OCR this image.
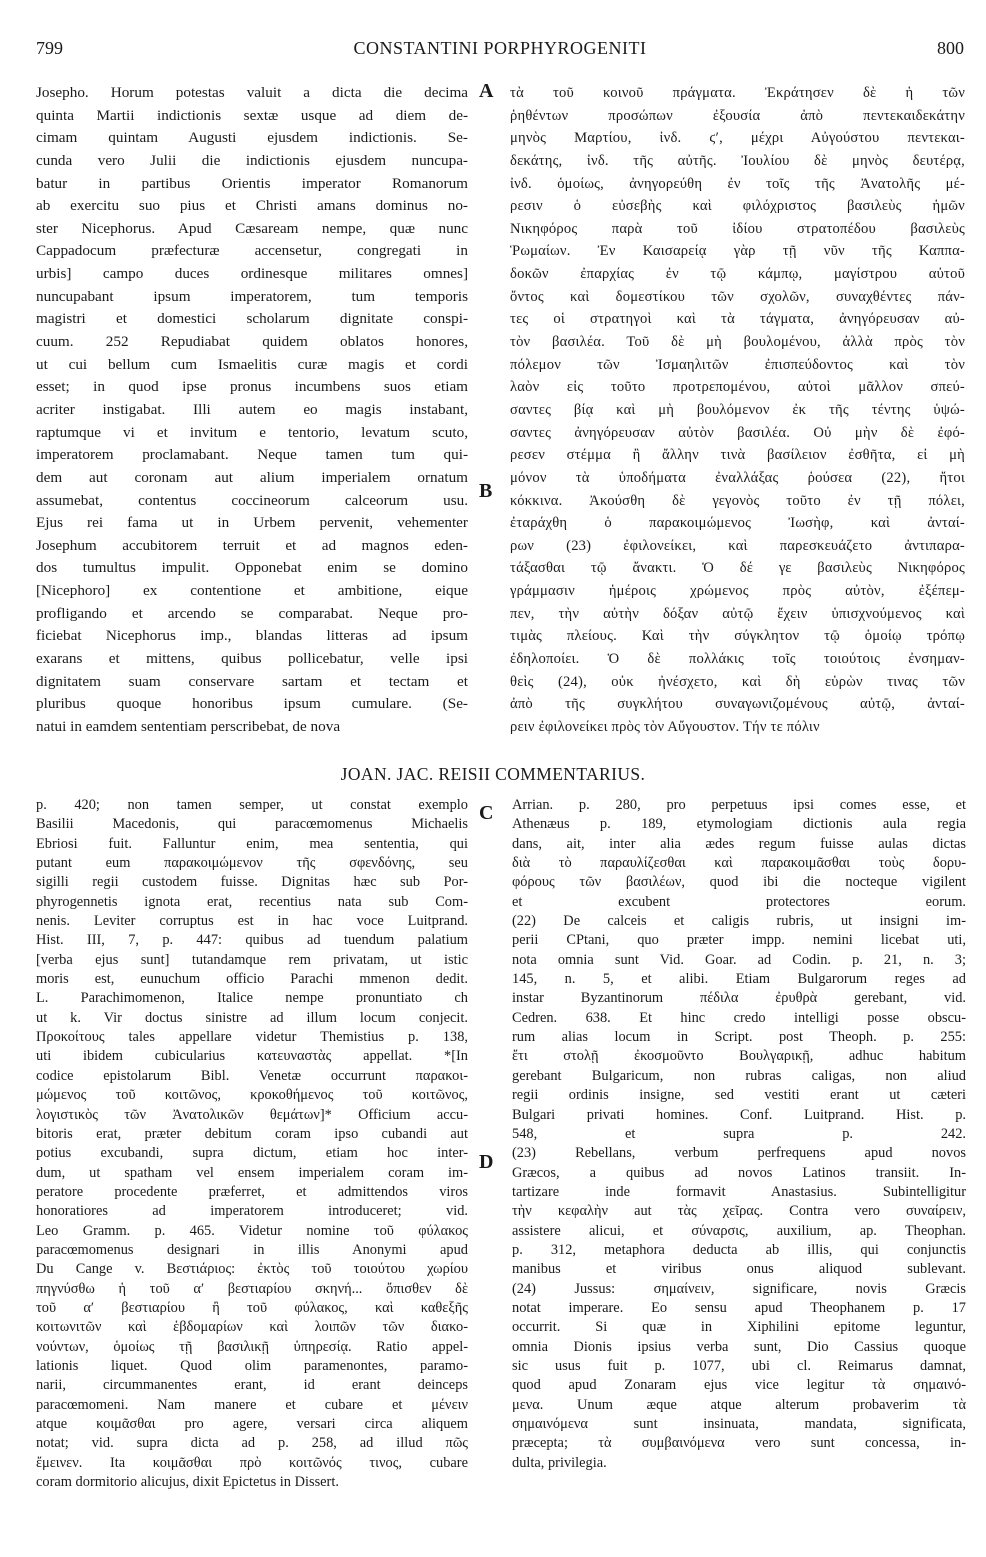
799	CONSTANTINI PORPHYROGENITI	800
A
B
C
D
Josepho. Horum potestas valuit a dicta die decima
quinta Martii indictionis sextæ usque ad diem de-
cimam quintam Augusti ejusdem indictionis. Se-
cunda vero Julii die indictionis ejusdem nuncupa-
batur in partibus Orientis imperator Romanorum
ab exercitu suo pius et Christi amans dominus no-
ster Nicephorus. Apud Cæsaream nempe, quæ nunc
Cappadocum præfecturæ accensetur, congregati in
urbis] campo duces ordinesque militares omnes]
nuncupabant ipsum imperatorem, tum temporis
magistri et domestici scholarum dignitate conspi-
cuum. 252 Repudiabat quidem oblatos honores,
ut cui bellum cum Ismaelitis curæ magis et cordi
esset; in quod ipse pronus incumbens suos etiam
acriter instigabat. Illi autem eo magis instabant,
raptumque vi et invitum e tentorio, levatum scuto,
imperatorem proclamabant. Neque tamen tum qui-
dem aut coronam aut alium imperialem ornatum
assumebat, contentus coccineorum calceorum usu.
Ejus rei fama ut in Urbem pervenit, vehementer
Josephum accubitorem terruit et ad magnos eden-
dos tumultus impulit. Opponebat enim se domino
[Nicephoro] ex contentione et ambitione, eique
profligando et arcendo se comparabat. Neque pro-
ficiebat Nicephorus imp., blandas litteras ad ipsum
exarans et mittens, quibus pollicebatur, velle ipsi
dignitatem suam conservare sartam et tectam et
pluribus quoque honoribus ipsum cumulare. (Se-
natui in eamdem sententiam perscribebat, de nova
τὰ τοῦ κοινοῦ πράγματα. Ἐκράτησεν δὲ ἡ τῶν
ῥηθέντων προσώπων ἐξουσία ἀπὸ πεντεκαιδεκάτην
μηνὸς Μαρτίου, ἰνδ. ϛʹ, μέχρι Αὐγούστου πεντεκαι-
δεκάτης, ἰνδ. τῆς αὐτῆς. Ἰουλίου δὲ μηνὸς δευτέρᾳ,
ἰνδ. ὁμοίως, ἀνηγορεύθη ἐν τοῖς τῆς Ἀνατολῆς μέ-
ρεσιν ὁ εὐσεβὴς καὶ φιλόχριστος βασιλεὺς ἡμῶν
Νικηφόρος παρὰ τοῦ ἰδίου στρατοπέδου βασιλεὺς
Ῥωμαίων. Ἐν Καισαρείᾳ γὰρ τῇ νῦν τῆς Καππα-
δοκῶν ἐπαρχίας ἐν τῷ κάμπῳ, μαγίστρου αὐτοῦ
ὄντος καὶ δομεστίκου τῶν σχολῶν, συναχθέντες πάν-
τες οἱ στρατηγοὶ καὶ τὰ τάγματα, ἀνηγόρευσαν αὐ-
τὸν βασιλέα. Τοῦ δὲ μὴ βουλομένου, ἀλλὰ πρὸς τὸν
πόλεμον τῶν Ἰσμαηλιτῶν ἐπισπεύδοντος καὶ τὸν
λαὸν εἰς τοῦτο προτρεπομένου, αὐτοὶ μᾶλλον σπεύ-
σαντες βίᾳ καὶ μὴ βουλόμενον ἐκ τῆς τέντης ὑψώ-
σαντες ἀνηγόρευσαν αὐτὸν βασιλέα. Οὐ μὴν δὲ ἐφό-
ρεσεν στέμμα ἢ ἄλλην τινὰ βασίλειον ἐσθῆτα, εἰ μὴ
μόνον τὰ ὑποδήματα ἐναλλάξας ῥούσεα (22), ἤτοι
κόκκινα. Ἀκούσθη δὲ γεγονὸς τοῦτο ἐν τῇ πόλει,
ἐταράχθη ὁ παρακοιμώμενος Ἰωσὴφ, καὶ ἀνταί-
ρων (23) ἐφιλονείκει, καὶ παρεσκευάζετο ἀντιπαρα-
τάξασθαι τῷ ἄνακτι. Ὁ δέ γε βασιλεὺς Νικηφόρος
γράμμασιν ἡμέροις χρώμενος πρὸς αὐτὸν, ἐξέπεμ-
πεν, τὴν αὐτὴν δόξαν αὐτῷ ἔχειν ὑπισχνούμενος καὶ
τιμὰς πλείους. Καὶ τὴν σύγκλητον τῷ ὁμοίῳ τρόπῳ
ἐδηλοποίει. Ὁ δὲ πολλάκις τοῖς τοιούτοις ἐνσημαν-
θεὶς (24), οὐκ ἠνέσχετο, καὶ δὴ εὑρὼν τινας τῶν
ἀπὸ τῆς συγκλήτου συναγωνιζομένους αὐτῷ, ἀνταί-
ρειν ἐφιλονείκει πρὸς τὸν Αὔγουστον. Τήν τε πόλιν
JOAN. JAC. REISII COMMENTARIUS.
p. 420; non tamen semper, ut constat exemplo
Basilii Macedonis, qui paracœmomenus Michaelis
Ebriosi fuit. Falluntur enim, mea sententia, qui
putant eum παρακοιμώμενον τῆς σφενδόνης, seu
sigilli regii custodem fuisse. Dignitas hæc sub Por-
phyrogennetis ignota erat, recentius nata sub Com-
nenis. Leviter corruptus est in hac voce Luitprand.
Hist. III, 7, p. 447: quibus ad tuendum palatium
[verba ejus sunt] tutandamque rem privatam, ut istic
moris est, eunuchum officio Parachi mmenon dedit.
L. Parachimomenon, Italice nempe pronuntiato ch
ut k. Vir doctus sinistre ad illum locum conjecit.
Προκοίτους tales appellare videtur Themistius p. 138,
uti ibidem cubicularius κατευναστὰς appellat. *[In
codice epistolarum Bibl. Venetæ occurrunt παρακοι-
μώμενος τοῦ κοιτῶνος, κροκοθήμενος τοῦ κοιτῶνος,
λογιστικὸς τῶν Ἀνατολικῶν θεμάτων]* Officium accu-
bitoris erat, præter debitum coram ipso cubandi aut
potius excubandi, supra dictum, etiam hoc inter-
dum, ut spatham vel ensem imperialem coram im-
peratore procedente præferret, et admittendos viros
honoratiores ad imperatorem introduceret; vid.
Leo Gramm. p. 465. Videtur nomine τοῦ φύλακος
paracœmomenus designari in illis Anonymi apud
Du Cange v. Βεστιάριος: ἐκτὸς τοῦ τοιούτου χωρίου
πηγνύσθω ἡ τοῦ αʹ βεστιαρίου σκηνή... ὄπισθεν δὲ
τοῦ αʹ βεστιαρίου ἢ τοῦ φύλακος, καὶ καθεξῆς
κοιτωνιτῶν καὶ ἑβδομαρίων καὶ λοιπῶν τῶν διακο-
νούντων, ὁμοίως τῇ βασιλικῇ ὑπηρεσίᾳ. Ratio appel-
lationis liquet. Quod olim paramenontes, paramo-
narii, circummanentes erant, id erant deinceps
paracœmomeni. Nam manere et cubare et μένειν
atque κοιμᾶσθαι pro agere, versari circa aliquem
notat; vid. supra dicta ad p. 258, ad illud πῶς
ἔμεινεν. Ita κοιμᾶσθαι πρὸ κοιτῶνός τινος, cubare
coram dormitorio alicujus, dixit Epictetus in Dissert.
Arrian. p. 280, pro perpetuus ipsi comes esse, et
Athenæus p. 189, etymologiam dictionis aula regia
dans, ait, inter alia ædes regum fuisse aulas dictas
διὰ τὸ παραυλίζεσθαι καὶ παρακοιμᾶσθαι τοὺς δορυ-
φόρους τῶν βασιλέων, quod ibi die nocteque vigilent
et excubent protectores eorum.
(22) De calceis et caligis rubris, ut insigni im-
perii CPtani, quo præter impp. nemini licebat uti,
nota omnia sunt Vid. Goar. ad Codin. p. 21, n. 3;
145, n. 5, et alibi. Etiam Bulgarorum reges ad
instar Byzantinorum πέδιλα ἐρυθρὰ gerebant, vid.
Cedren. 638. Et hinc credo intelligi posse obscu-
rum alias locum in Script. post Theoph. p. 255:
ἔτι στολῇ ἐκοσμοῦντο Βουλγαρικῇ, adhuc habitum
gerebant Bulgaricum, non rubras caligas, non aliud
regii ordinis insigne, sed vestiti erant ut cæteri
Bulgari privati homines. Conf. Luitprand. Hist. p.
548, et supra p. 242.
(23) Rebellans, verbum perfrequens apud novos
Græcos, a quibus ad novos Latinos transiit. In-
tartizare inde formavit Anastasius. Subintelligitur
τὴν κεφαλὴν aut τὰς χεῖρας. Contra vero συναίρειν,
assistere alicui, et σύναρσις, auxilium, ap. Theophan.
p. 312, metaphora deducta ab illis, qui conjunctis
manibus et viribus onus aliquod sublevant.
(24) Jussus: σημαίνειν, significare, novis Græcis
notat imperare. Eo sensu apud Theophanem p. 17
occurrit. Si quæ in Xiphilini epitome leguntur,
omnia Dionis ipsius verba sunt, Dio Cassius quoque
sic usus fuit p. 1077, ubi cl. Reimarus damnat,
quod apud Zonaram ejus vice legitur τὰ σημαινό-
μενα. Unum æque atque alterum probaverim τὰ
σημαινόμενα sunt insinuata, mandata, significata,
præcepta; τὰ συμβαινόμενα vero sunt concessa, in-
dulta, privilegia.
